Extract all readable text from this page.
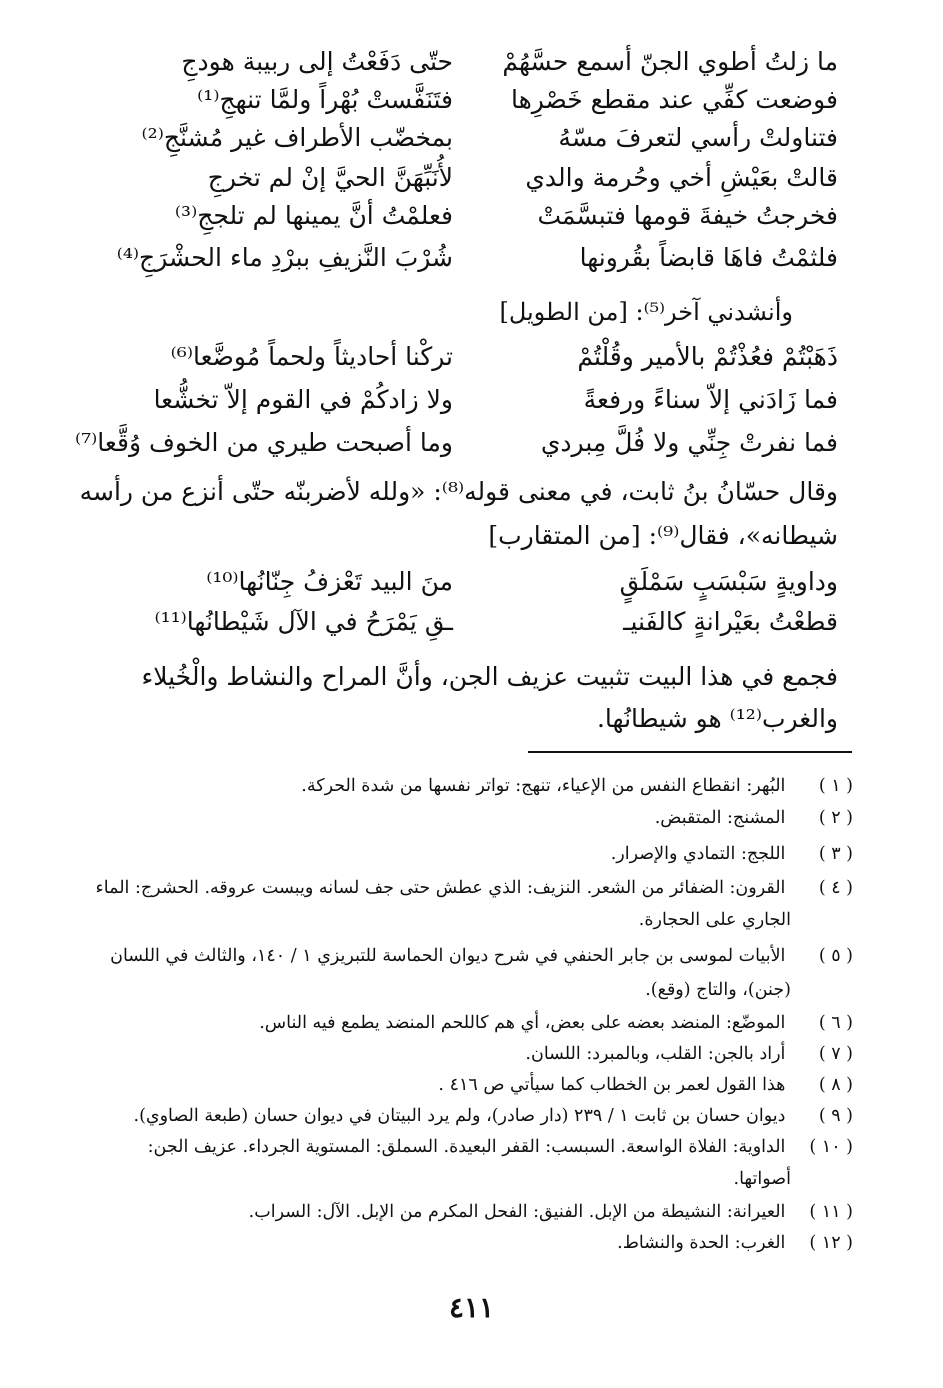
ما زلتُ أطوي الجنّ أسمع حسَّهُمْ
حتّى دَفَعْتُ إلى ربيبة هودجِ
فوضعت كفِّي عند مقطع خَصْرِها
فتَنَفَّستْ بُهْراً ولمَّا تنهجِ⁽¹⁾
فتناولتْ رأسي لتعرفَ مسّهُ
بمخضّب الأطراف غير مُشنَّجِ⁽²⁾
قالتْ بعَيْشِ أخي وحُرمة والدي
لأُنَبِّهَنَّ الحيَّ إنْ لم تخرجِ
فخرجتُ خيفةَ قومها فتبسَّمَتْ
فعلمْتُ أنَّ يمينها لم تلججِ⁽³⁾
فلثمْتُ فاهَا قابضاً بقُرونها
شُرْبَ النَّزيفِ ببرْدِ ماء الحشْرَجِ⁽⁴⁾
وأنشدني آخر⁽⁵⁾: [من الطويل]
ذَهَبْتُمْ فعُذْتُمْ بالأمير وقُلْتُمْ
تركْنا أحاديثاً ولحماً مُوضَّعا⁽⁶⁾
فما زَادَني إلاّ سناءً ورفعةً
ولا زادكُمْ في القوم إلاّ تخشُّعا
فما نفرتْ جِنِّي ولا فُلَّ مِبردي
وما أصبحت طيري من الخوف وُقَّعا⁽⁷⁾
وقال حسّانُ بنُ ثابت، في معنى قوله⁽⁸⁾: «ولله لأضربنّه حتّى أنزع من رأسه
شيطانه»، فقال⁽⁹⁾: [من المتقارب]
وداويةٍ سَبْسَبٍ سَمْلَقٍ
منَ البيد تَعْزفُ جِنّانُها⁽¹⁰⁾
قطعْتُ بعَيْرانةٍ كالفَنيـ
ـقِ يَمْرَحُ في الآل شَيْطانُها⁽¹¹⁾
فجمع في هذا البيت تثبيت عزيف الجن، وأنَّ المراح والنشاط والْخُيلاء
والغرب⁽¹²⁾ هو شيطانُها.
( ١ ) البُهر: انقطاع النفس من الإعياء، تنهج: تواتر نفسها من شدة الحركة.
( ٢ ) المشنج: المتقبض.
( ٣ ) اللجج: التمادي والإصرار.
( ٤ ) القرون: الضفائر من الشعر. النزيف: الذي عطش حتى جف لسانه ويبست عروقه. الحشرج: الماء
الجاري على الحجارة.
( ٥ ) الأبيات لموسى بن جابر الحنفي في شرح ديوان الحماسة للتبريزي ١ / ١٤٠، والثالث في اللسان
(جنن)، والتاج (وقع).
( ٦ ) الموضّع: المنضد بعضه على بعض، أي هم كاللحم المنضد يطمع فيه الناس.
( ٧ ) أراد بالجن: القلب، وبالمبرد: اللسان.
( ٨ ) هذا القول لعمر بن الخطاب كما سيأتي ص ٤١٦ .
( ٩ ) ديوان حسان بن ثابت ١ / ٢٣٩ (دار صادر)، ولم يرد البيتان في ديوان حسان (طبعة الصاوي).
( ١٠ ) الداوية: الفلاة الواسعة. السبسب: القفر البعيدة. السملق: المستوية الجرداء. عزيف الجن:
أصواتها.
( ١١ ) العيرانة: النشيطة من الإبل. الفنيق: الفحل المكرم من الإبل. الآل: السراب.
( ١٢ ) الغرب: الحدة والنشاط.
٤١١
